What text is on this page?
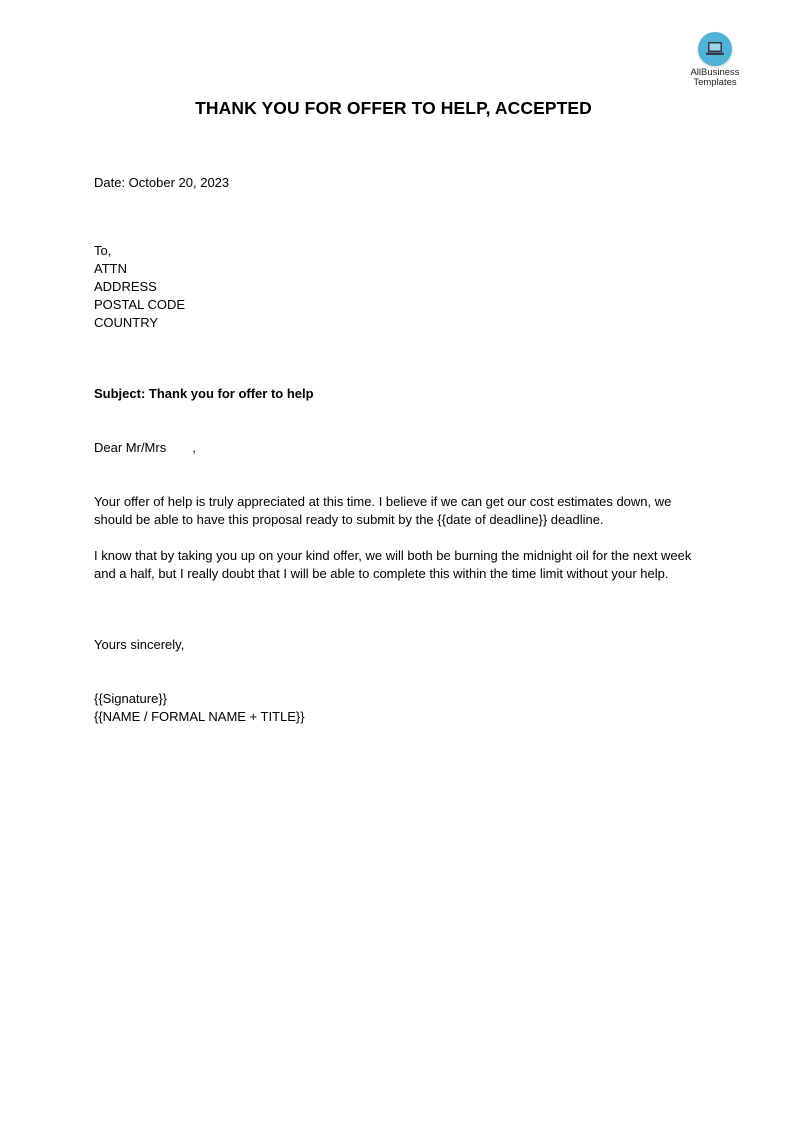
AllBusiness
Templates
THANK YOU FOR OFFER TO HELP, ACCEPTED
Date: October 20, 2023
To,
ATTN
ADDRESS
POSTAL CODE
COUNTRY
Subject: Thank you for offer to help
Dear Mr/Mrs ,
Your offer of help is truly appreciated at this time. I believe if we can get our cost estimates down, we should be able to have this proposal ready to submit by the {{date of deadline}} deadline.
I know that by taking you up on your kind offer, we will both be burning the midnight oil for the next week and a half, but I really doubt that I will be able to complete this within the time limit without your help.
Yours sincerely,
{{Signature}}
{{NAME / FORMAL NAME + TITLE}}
